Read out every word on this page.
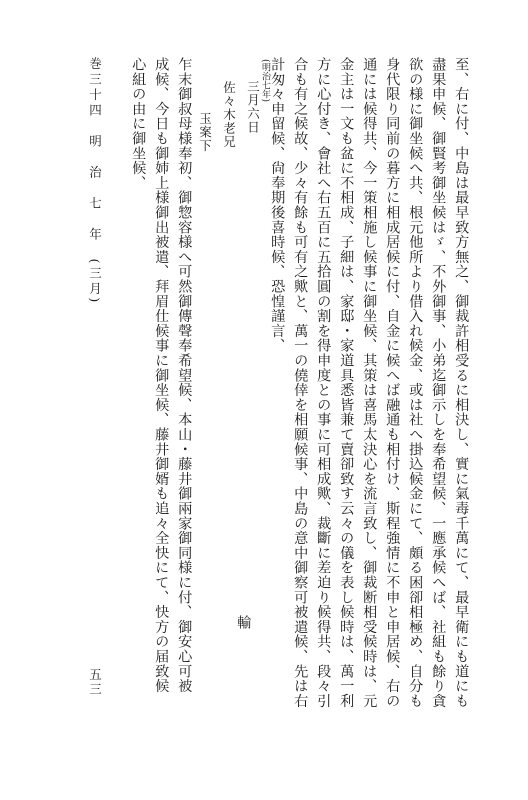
至、右に付、中島は最早致方無之、御裁許相受るに相決し、實に氣毒千萬にて、最早衛にも道にも
盡果申候、御賢考御坐候はゞ、不外御事、小弟迄御示しを奉希望候、一應承候へば、社組も餘り貪
欲の様に御坐候へ共、根元他所より借入れ候金、或は社へ掛込候金にて、頗る困卻相極め、自分も
身代限り同前の暮方に相成居候に付、自金に候へば融通も相付け、斯程強情に不申と申居候、右の
通には候得共、今一策相施し候事に御坐候、其策は喜馬太決心を流言致し、御裁断相受候時は、元
金主は一文も盆に不相成、子細は、家邸・家道具悉皆兼て賣卻致す云々の儀を表し候時は、萬一利
方に心付き、會社へ右五百に五拾圓の割を得申度との事に可相成歟、裁斷に差迫り候得共、段々引
合も有之候故、少々有餘も可有之歟と、萬一の僥倖を相願候事、中島の意中御察可被遣候、先は右
計匆々申留候、尙奉期後喜時候、恐惶謹言、
(明治七年)
三月六日
輸
佐々木老兄
玉案下
乍末御叔母様奉初、御惣容様へ可然御傳聲奉希望候、本山・藤井御兩家御同様に付、御安心可被
成候、今日も御姉上様御出被遣、拜眉仕候事に御坐候、藤井御婿も追々全快にて、快方の届致候
心組の由に御坐候、
巻三十四　明　治　七　年　(三月)
五三
